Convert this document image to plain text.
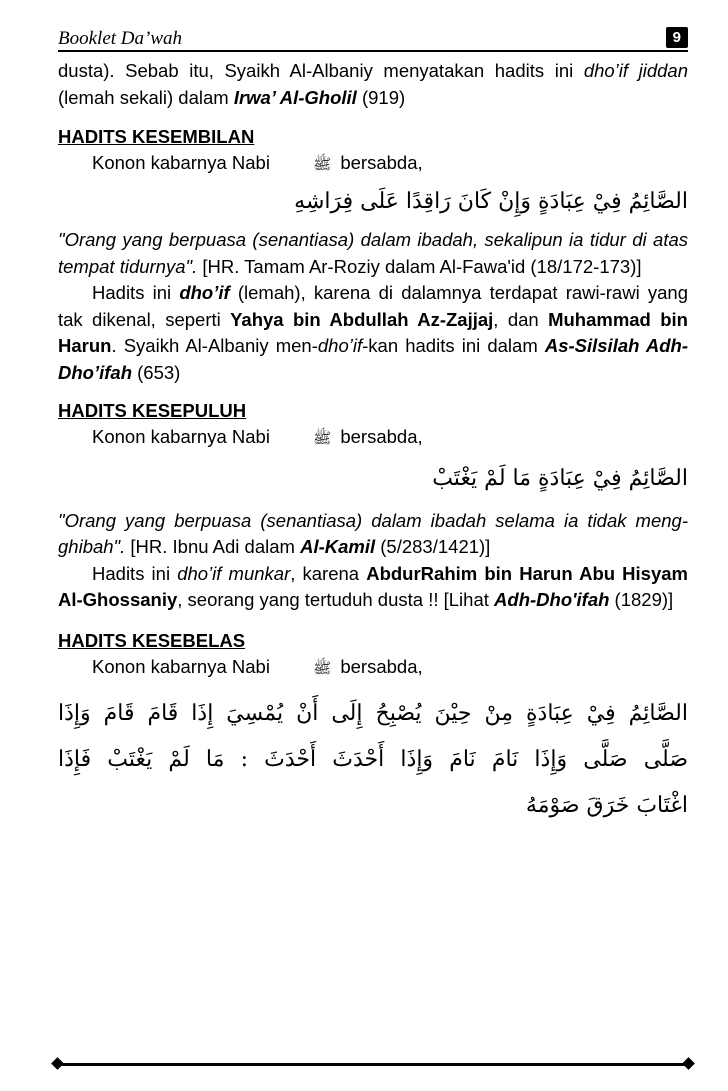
Booklet Da’wah	9

dusta). Sebab itu, Syaikh Al-Albaniy menyatakan hadits ini dho’if jiddan (lemah sekali) dalam Irwa’ Al-Gholil (919)

HADITS KESEMBILAN

Konon kabarnya Nabi	ﷺ bersabda,

الصَّائِمُ فِيْ عِبَادَةٍ وَإِنْ كَانَ رَاقِدًا عَلَى فِرَاشِهِ

"Orang yang berpuasa (senantiasa) dalam ibadah, sekalipun ia tidur di atas tempat tidurnya". [HR. Tamam Ar-Roziy dalam Al-Fawa'id (18/172-173)]

Hadits ini dho’if (lemah), karena di dalamnya terdapat rawi-rawi yang tak dikenal, seperti Yahya bin Abdullah Az-Zajjaj, dan Muhammad bin Harun. Syaikh Al-Albaniy men-dho’if-kan hadits ini dalam As-Silsilah Adh-Dho’ifah (653)

HADITS KESEPULUH

Konon kabarnya Nabi	ﷺ bersabda,

الصَّائِمُ فِيْ عِبَادَةٍ مَا لَمْ يَغْتَبْ

"Orang yang berpuasa (senantiasa) dalam ibadah selama ia tidak meng-ghibah". [HR. Ibnu Adi dalam Al-Kamil (5/283/1421)]

Hadits ini dho’if munkar, karena AbdurRahim bin Harun Abu Hisyam Al-Ghossaniy, seorang yang tertuduh dusta !! [Lihat Adh-Dho'ifah (1829)]

HADITS KESEBELAS

Konon kabarnya Nabi	ﷺ bersabda,

الصَّائِمُ فِيْ عِبَادَةٍ مِنْ حِيْنَ يُصْبِحُ إِلَى أَنْ يُمْسِيَ إِذَا قَامَ قَامَ وَإِذَا

صَلَّى صَلَّى وَإِذَا نَامَ نَامَ وَإِذَا أَحْدَثَ أَحْدَثَ : مَا لَمْ يَغْتَبْ فَإِذَا

اغْتَابَ خَرَقَ صَوْمَهُ
